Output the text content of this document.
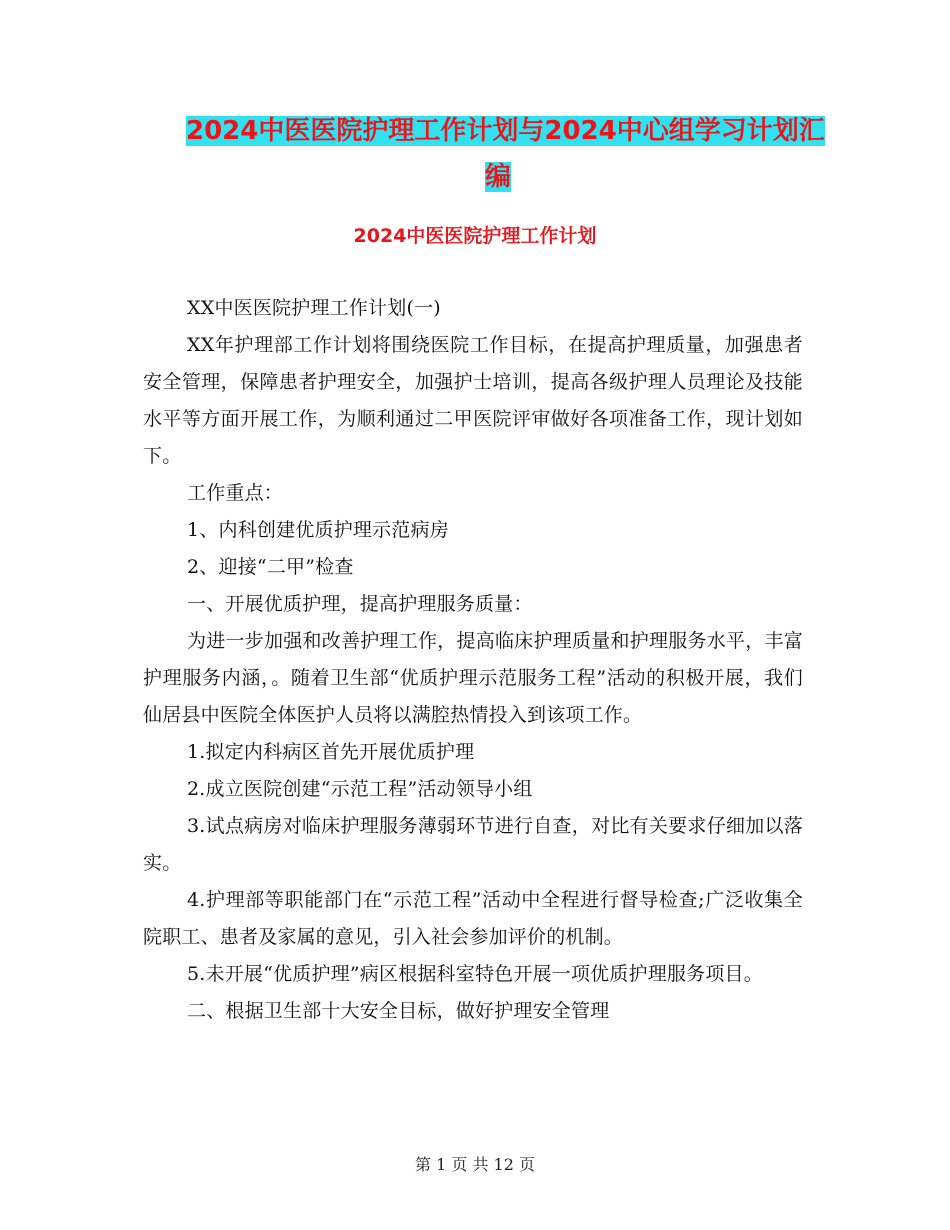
2024中医医院护理工作计划与2024中心组学习计划汇
编
2024中医医院护理工作计划

XX中医医院护理工作计划(一)

XX年护理部工作计划将围绕医院工作目标，在提高护理质量，加强患者安全管理，保障患者护理安全，加强护士培训，提高各级护理人员理论及技能水平等方面开展工作，为顺利通过二甲医院评审做好各项准备工作，现计划如下。

工作重点：

1、内科创建优质护理示范病房

2、迎接“二甲”检查

一、开展优质护理，提高护理服务质量：

为进一步加强和改善护理工作，提高临床护理质量和护理服务水平，丰富护理服务内涵，。随着卫生部“优质护理示范服务工程”活动的积极开展，我们仙居县中医院全体医护人员将以满腔热情投入到该项工作。

1.拟定内科病区首先开展优质护理

2.成立医院创建“示范工程”活动领导小组

3.试点病房对临床护理服务薄弱环节进行自查，对比有关要求仔细加以落实。

4.护理部等职能部门在“示范工程”活动中全程进行督导检查;广泛收集全院职工、患者及家属的意见，引入社会参加评价的机制。

5.未开展“优质护理”病区根据科室特色开展一项优质护理服务项目。

二、根据卫生部十大安全目标，做好护理安全管理

第 1 页 共 12 页
